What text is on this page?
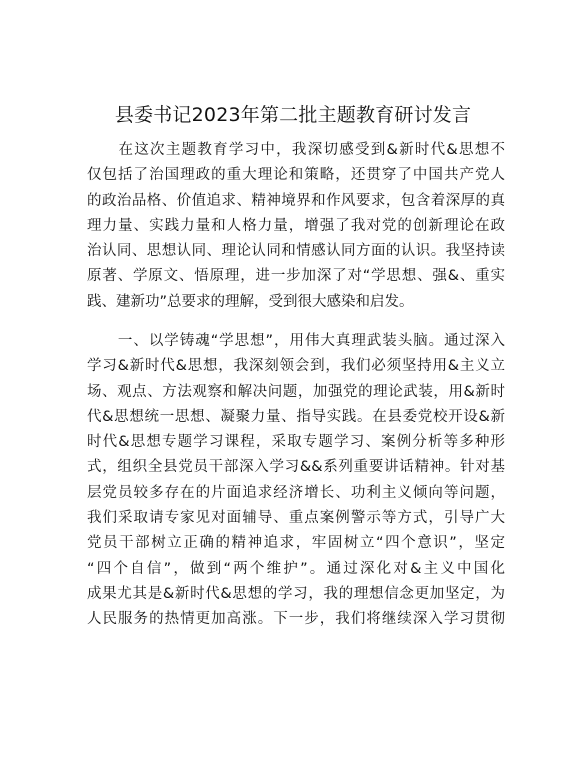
县委书记2023年第二批主题教育研讨发言
　　在这次主题教育学习中，我深切感受到&新时代&思想不
仅包括了治国理政的重大理论和策略，还贯穿了中国共产党人
的政治品格、价值追求、精神境界和作风要求，包含着深厚的真
理力量、实践力量和人格力量，增强了我对党的创新理论在政
治认同、思想认同、理论认同和情感认同方面的认识。我坚持读
原著、学原文、悟原理，进一步加深了对“学思想、强&、重实
践、建新功”总要求的理解，受到很大感染和启发。
　　一、以学铸魂“学思想”，用伟大真理武装头脑。通过深入
学习&新时代&思想，我深刻领会到，我们必须坚持用&主义立
场、观点、方法观察和解决问题，加强党的理论武装，用&新时
代&思想统一思想、凝聚力量、指导实践。在县委党校开设&新
时代&思想专题学习课程，采取专题学习、案例分析等多种形
式，组织全县党员干部深入学习&&系列重要讲话精神。针对基
层党员较多存在的片面追求经济增长、功利主义倾向等问题，
我们采取请专家见对面辅导、重点案例警示等方式，引导广大
党员干部树立正确的精神追求，牢固树立“四个意识”，坚定
“四个自信”，做到“两个维护”。通过深化对&主义中国化
成果尤其是&新时代&思想的学习，我的理想信念更加坚定，为
人民服务的热情更加高涨。下一步，我们将继续深入学习贯彻
